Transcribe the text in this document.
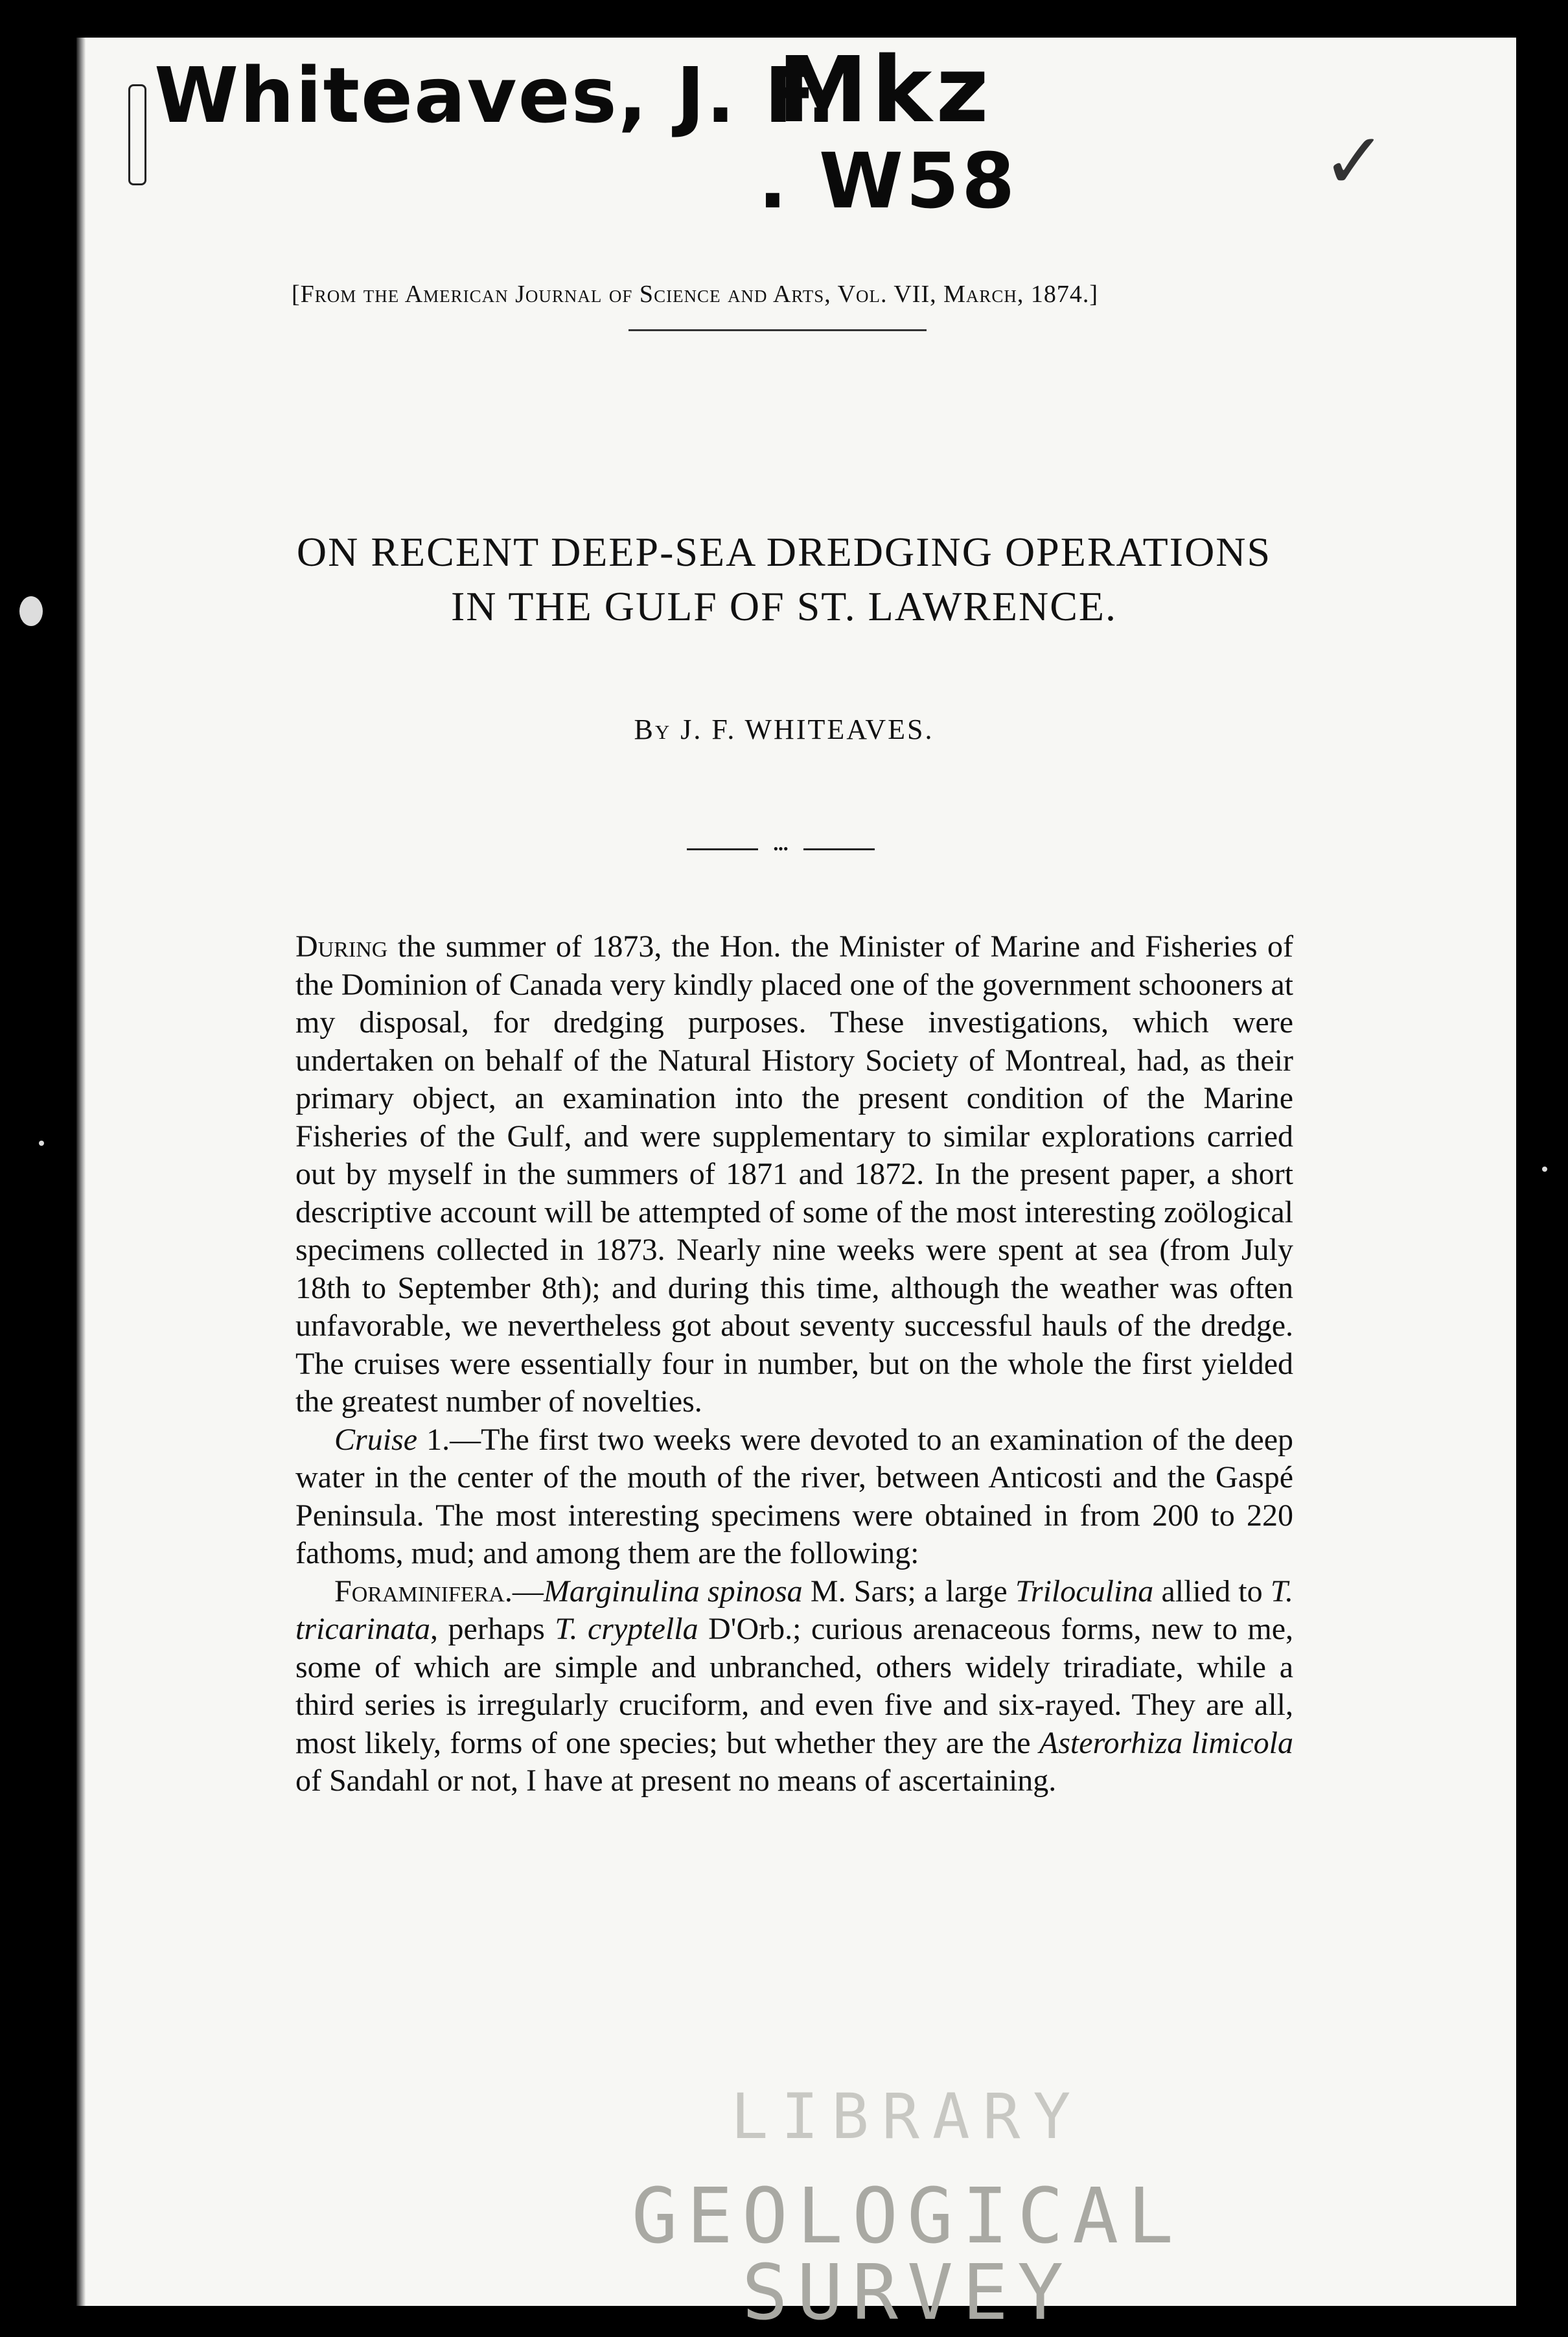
Whiteaves, J. F.
Mkz
. W58	✓
[From the American Journal of Science and Arts, Vol. VII, March, 1874.]
ON RECENT DEEP-SEA DREDGING OPERATIONS
IN THE GULF OF ST. LAWRENCE.
By J. F. WHITEAVES.
•••

During the summer of 1873, the Hon. the Minister of Marine and Fisheries of the Dominion of Canada very kindly placed one of the government schooners at my disposal, for dredging purposes. These investigations, which were undertaken on behalf of the Natural History Society of Montreal, had, as their primary object, an examination into the present condition of the Marine Fisheries of the Gulf, and were supplementary to similar explorations carried out by myself in the summers of 1871 and 1872. In the present paper, a short descriptive account will be attempted of some of the most interesting zoölogical specimens collected in 1873. Nearly nine weeks were spent at sea (from July 18th to September 8th); and during this time, although the weather was often unfavorable, we nevertheless got about seventy successful hauls of the dredge. The cruises were essentially four in number, but on the whole the first yielded the greatest number of novelties.

Cruise 1.—The first two weeks were devoted to an examination of the deep water in the center of the mouth of the river, between Anticosti and the Gaspé Peninsula. The most interesting specimens were obtained in from 200 to 220 fathoms, mud; and among them are the following:

Foraminifera.—Marginulina spinosa M. Sars; a large Triloculina allied to T. tricarinata, perhaps T. cryptella D'Orb.; curious arenaceous forms, new to me, some of which are simple and unbranched, others widely triradiate, while a third series is irregularly cruciform, and even five and six-rayed. They are all, most likely, forms of one species; but whether they are the Asterorhiza limicola of Sandahl or not, I have at present no means of ascertaining.

LIBRARY
GEOLOGICAL SURVEY
